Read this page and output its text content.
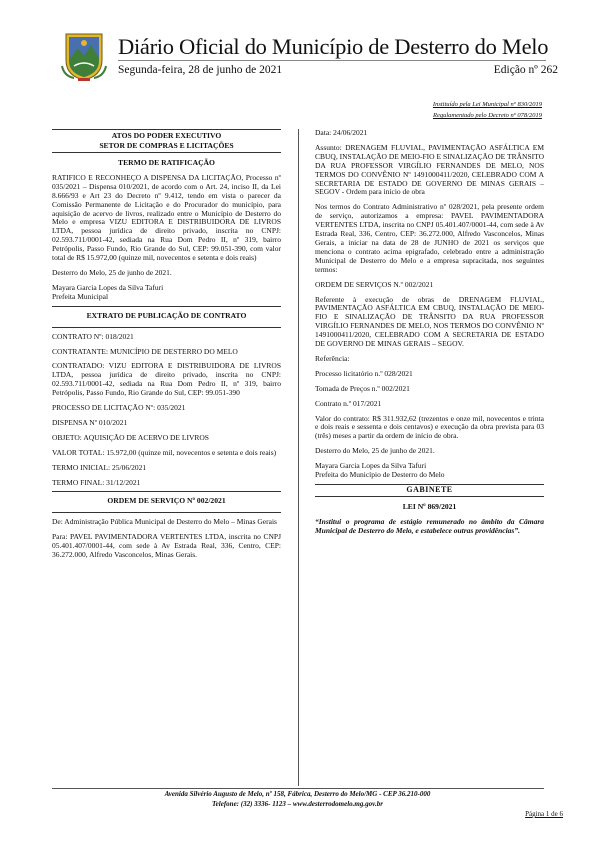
Diário Oficial do Município de Desterro do Melo
Segunda-feira, 28 de junho de 2021	Edição nº 262
Instituído pela Lei Municipal nº 830/2019
Regulamentado pelo Decreto nº 078/2019
ATOS DO PODER EXECUTIVO
SETOR DE COMPRAS E LICITAÇÕES
TERMO DE RATIFICAÇÃO

RATIFICO E RECONHEÇO A DISPENSA DA LICITAÇÃO, Processo nº 035/2021 – Dispensa 010/2021, de acordo com o Art. 24, inciso II, da Lei 8.666/93 e Art 23 do Decreto nº 9.412, tendo em vista o parecer da Comissão Permanente de Licitação e do Procurador do município, para aquisição de acervo de livros, realizado entre o Município de Desterro do Melo e empresa VIZU EDITORA E DISTRIBUIDORA DE LIVROS LTDA, pessoa jurídica de direito privado, inscrita no CNPJ: 02.593.711/0001-42, sediada na Rua Dom Pedro II, nº 319, bairro Petrópolis, Passo Fundo, Rio Grande do Sul, CEP: 99.051-390, com valor total de R$ 15.972,00 (quinze mil, novecentos e setenta e dois reais)

Desterro do Melo, 25 de junho de 2021.

Mayara Garcia Lopes da Silva Tafuri
Prefeita Municipal
EXTRATO DE PUBLICAÇÃO DE CONTRATO

CONTRATO Nº: 018/2021

CONTRATANTE: MUNICÍPIO DE DESTERRO DO MELO

CONTRATADO: VIZU EDITORA E DISTRIBUIDORA DE LIVROS LTDA, pessoa jurídica de direito privado, inscrita no CNPJ: 02.593.711/0001-42, sediada na Rua Dom Pedro II, nº 319, bairro Petrópolis, Passo Fundo, Rio Grande do Sul, CEP: 99.051-390

PROCESSO DE LICITAÇÃO Nº: 035/2021

DISPENSA Nº 010/2021

OBJETO: AQUISIÇÃO DE ACERVO DE LIVROS

VALOR TOTAL: 15.972,00 (quinze mil, novecentos e setenta e dois reais)

TERMO INICIAL: 25/06/2021

TERMO FINAL: 31/12/2021

ORDEM DE SERVIÇO Nº 002/2021

De: Administração Pública Municipal de Desterro do Melo – Minas Gerais

Para: PAVEL PAVIMENTADORA VERTENTES LTDA, inscrita no CNPJ 05.401.407/0001-44, com sede à Av Estrada Real, 336, Centro, CEP: 36.272.000, Alfredo Vasconcelos, Minas Gerais.

Data: 24/06/2021

Assunto: DRENAGEM FLUVIAL, PAVIMENTAÇÃO ASFÁLTICA EM CBUQ, INSTALAÇÃO DE MEIO-FIO E SINALIZAÇÃO DE TRÂNSITO DA RUA PROFESSOR VIRGÍLIO FERNANDES DE MELO, NOS TERMOS DO CONVÊNIO Nº 1491000411/2020, CELEBRADO COM A SECRETARIA DE ESTADO DE GOVERNO DE MINAS GERAIS – SEGOV - Ordem para início de obra

Nos termos do Contrato Administrativo nº 028/2021, pela presente ordem de serviço, autorizamos a empresa: PAVEL PAVIMENTADORA VERTENTES LTDA, inscrita no CNPJ 05.401.407/0001-44, com sede à Av Estrada Real, 336, Centro, CEP: 36.272.000, Alfredo Vasconcelos, Minas Gerais, a iniciar na data de 28 de JUNHO de 2021 os serviços que menciona o contrato acima epigrafado, celebrado entre a administração Municipal de Desterro do Melo e a empresa supracitada, nos seguintes termos:

ORDEM DE SERVIÇOS N.º 002/2021

Referente à execução de obras de DRENAGEM FLUVIAL, PAVIMENTAÇÃO ASFÁLTICA EM CBUQ, INSTALAÇÃO DE MEIO-FIO E SINALIZAÇÃO DE TRÂNSITO DA RUA PROFESSOR VIRGÍLIO FERNANDES DE MELO, NOS TERMOS DO CONVÊNIO Nº 1491000411/2020, CELEBRADO COM A SECRETARIA DE ESTADO DE GOVERNO DE MINAS GERAIS – SEGOV.

Referência:

Processo licitatório n.º 028/2021

Tomada de Preços n.º 002/2021

Contrato n.º 017/2021

Valor do contrato: R$ 311.932,62 (trezentos e onze mil, novecentos e trinta e dois reais e sessenta e dois centavos) e execução da obra prevista para 03 (três) meses a partir da ordem de início de obra.

Desterro do Melo, 25 de junho de 2021.

Mayara Garcia Lopes da Silva Tafuri
Prefeita do Município de Desterro do Melo
GABINETE
LEI Nº 869/2021

“Institui o programa de estágio remunerado no âmbito da Câmara Municipal de Desterro do Melo, e estabelece outras providências”.

Avenida Silvério Augusto de Melo, nº 158, Fábrica, Desterro do Melo/MG - CEP 36.210-000
Telefone: (32) 3336- 1123 – www.desterrodomelo.mg.gov.br
Página 1 de 6
